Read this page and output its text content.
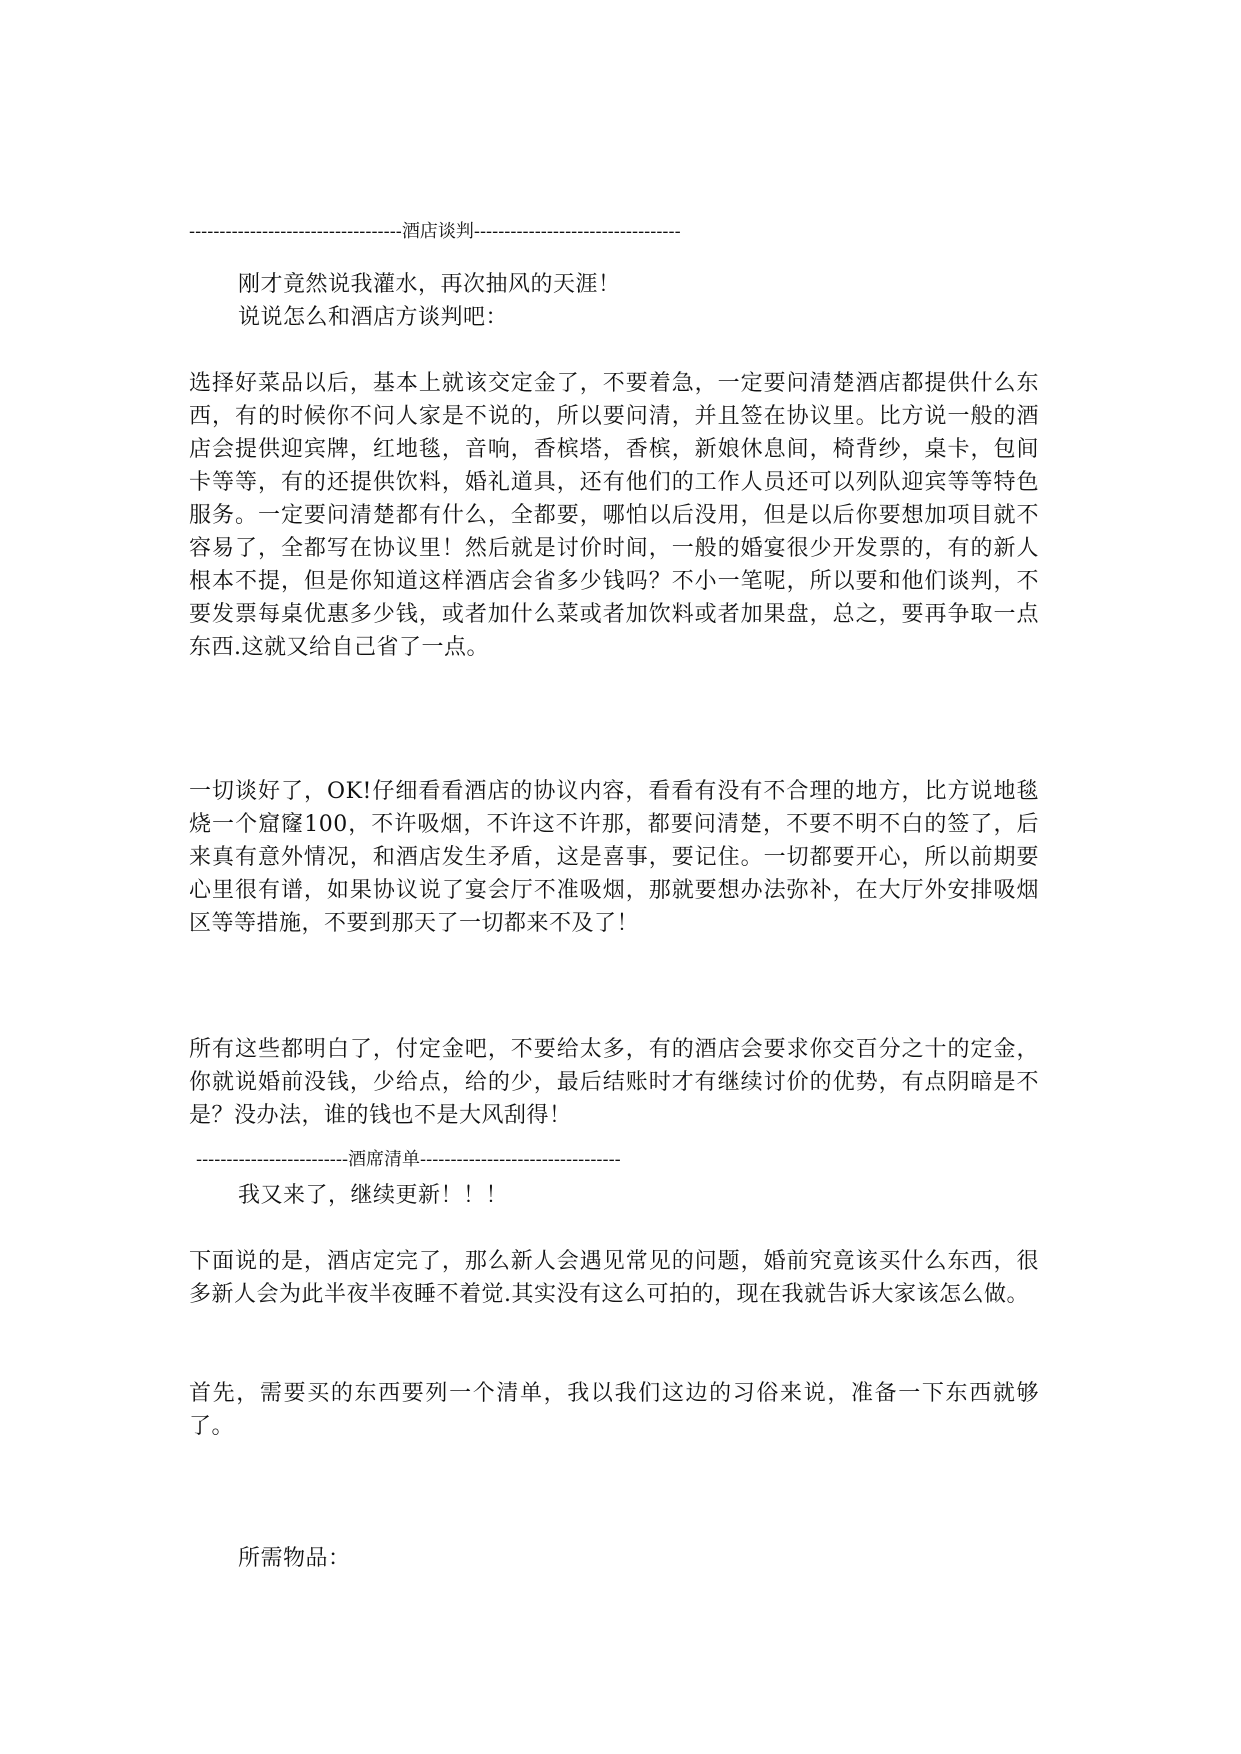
-----------------------------------酒店谈判----------------------------------
刚才竟然说我灌水，再次抽风的天涯！
说说怎么和酒店方谈判吧：

选择好菜品以后，基本上就该交定金了，不要着急，一定要问清楚酒店都提供什么东西，有的时候你不问人家是不说的，所以要问清，并且签在协议里。比方说一般的酒店会提供迎宾牌，红地毯，音响，香槟塔，香槟，新娘休息间，椅背纱，桌卡，包间卡等等，有的还提供饮料，婚礼道具，还有他们的工作人员还可以列队迎宾等等特色服务。一定要问清楚都有什么，全都要，哪怕以后没用，但是以后你要想加项目就不容易了，全都写在协议里！然后就是讨价时间，一般的婚宴很少开发票的，有的新人根本不提，但是你知道这样酒店会省多少钱吗？不小一笔呢，所以要和他们谈判，不要发票每桌优惠多少钱，或者加什么菜或者加饮料或者加果盘，总之，要再争取一点东西.这就又给自己省了一点。

一切谈好了，OK!仔细看看酒店的协议内容，看看有没有不合理的地方，比方说地毯烧一个窟窿100，不许吸烟，不许这不许那，都要问清楚，不要不明不白的签了，后来真有意外情况，和酒店发生矛盾，这是喜事，要记住。一切都要开心，所以前期要心里很有谱，如果协议说了宴会厅不准吸烟，那就要想办法弥补，在大厅外安排吸烟区等等措施，不要到那天了一切都来不及了！

所有这些都明白了，付定金吧，不要给太多，有的酒店会要求你交百分之十的定金，你就说婚前没钱，少给点，给的少，最后结账时才有继续讨价的优势，有点阴暗是不是？没办法，谁的钱也不是大风刮得！

-------------------------酒席清单---------------------------------
我又来了，继续更新！！！

下面说的是，酒店定完了，那么新人会遇见常见的问题，婚前究竟该买什么东西，很多新人会为此半夜半夜睡不着觉.其实没有这么可拍的，现在我就告诉大家该怎么做。

首先，需要买的东西要列一个清单，我以我们这边的习俗来说，准备一下东西就够了。

所需物品：
